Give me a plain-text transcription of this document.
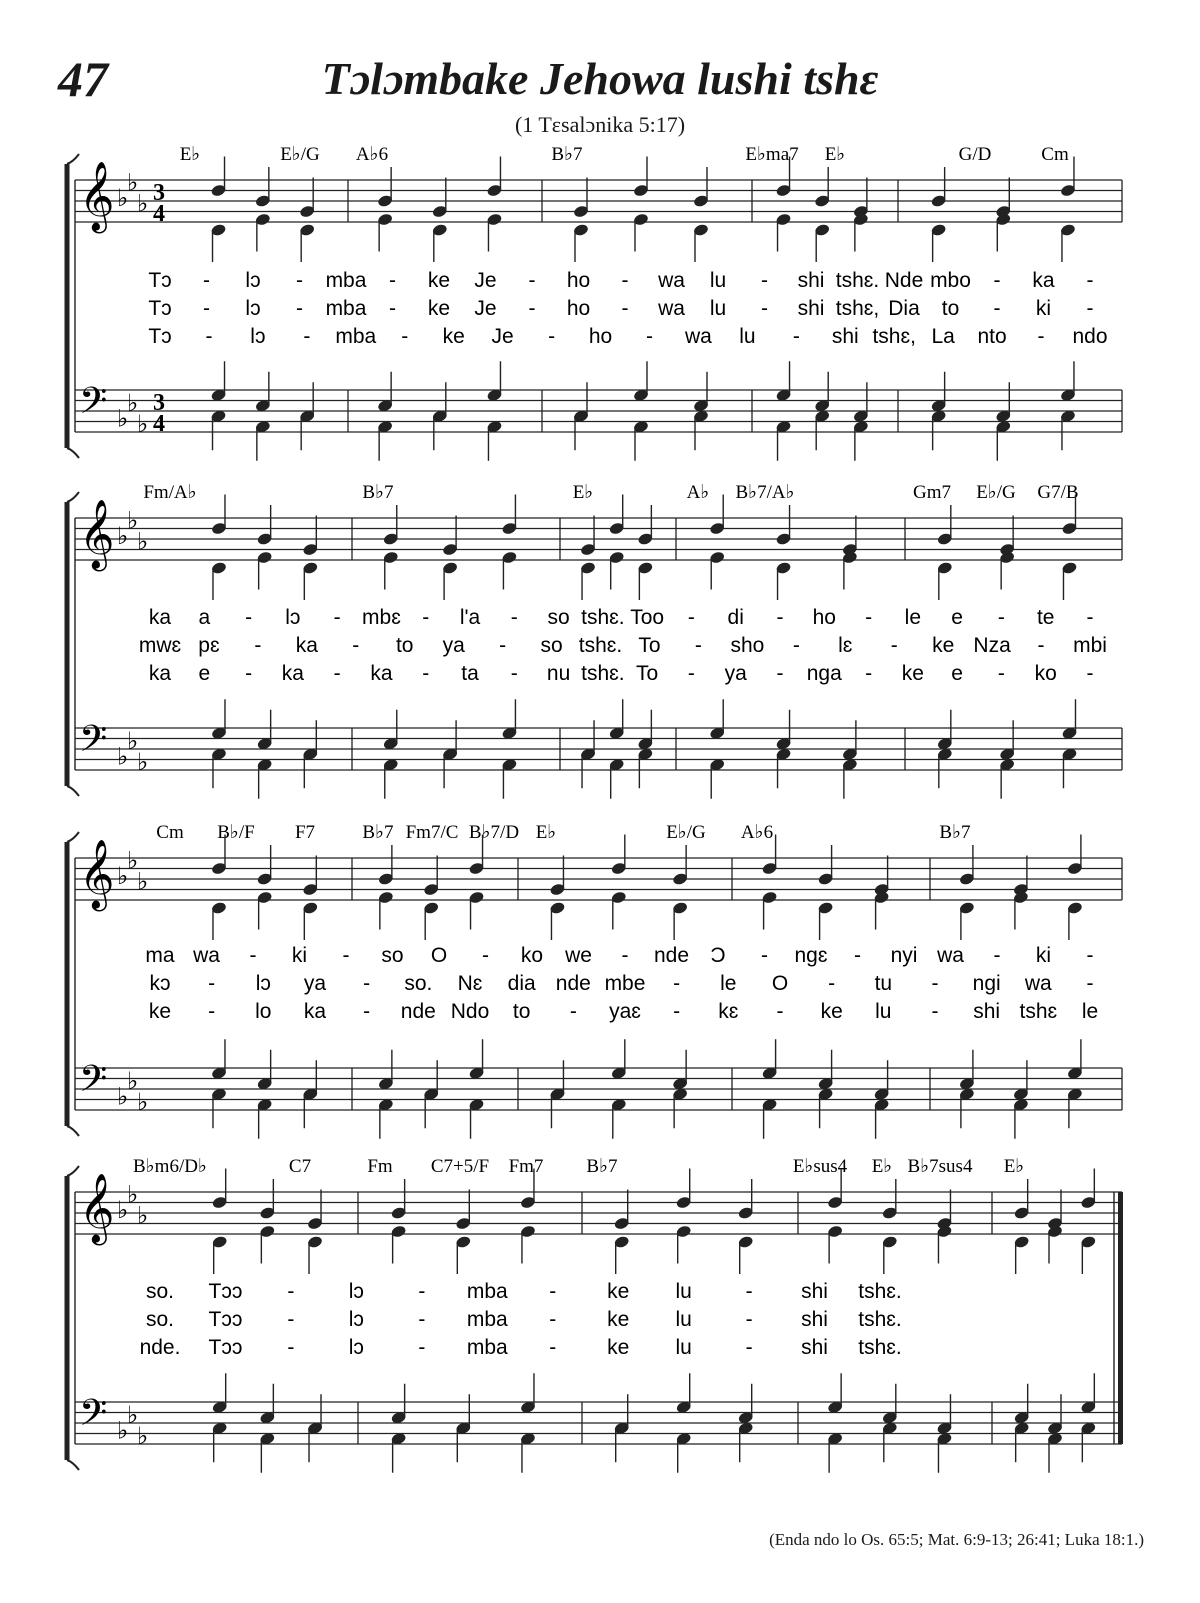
47	Tɔlɔmbake Jehowa lushi tshɛ
(1 Tɛsalɔnika 5:17)
𝄞
𝄢
♭
♭
♭
♭
♭
♭
3
4
3
4
E♭	E♭/G A♭6	B♭7	E♭ma7 E♭	G/D	Cm
Tɔ - lɔ - mba - ke Je - ho - wa lu - shi tshɛ. Nde mbo - ka -
Tɔ - lɔ - mba - ke Je - ho - wa lu - shi tshɛ, Dia to - ki -
Tɔ - lɔ - mba - ke Je - ho - wa lu - shi tshɛ, La nto - ndo
𝄞
𝄢
♭
♭
♭
♭
♭
♭
Fm/A♭	B♭7	E♭	A♭ B♭7/A♭	Gm7 E♭/G G7/B
ka a - lɔ - mbɛ - l'a - so tshɛ. Too - di - ho - le e - te -
mwɛ pɛ - ka - to ya - so tshɛ. To - sho - lɛ - ke Nza - mbi
ka e - ka - ka - ta - nu tshɛ. To - ya - nga - ke e - ko -
𝄞
𝄢
♭
♭
♭
♭
♭
♭
Cm B♭/F F7 B♭7 Fm7/C B♭7/D E♭	E♭/G A♭6	B♭7
ma wa - ki - so O - ko we - nde Ɔ - ngɛ - nyi wa - ki -
kɔ - lɔ ya - so. Nɛ dia nde mbe - le O - tu - ngi wa -
ke - lo ka - nde Ndo to - yaɛ - kɛ - ke lu - shi tshɛ le
𝄞
𝄢
♭
♭
♭
♭
♭
♭
B♭m6/D♭	C7	Fm C7+5/F Fm7 B♭7	E♭sus4 E♭ B♭7sus4 E♭
so. Tɔɔ -	lɔ	- mba - ke lu	- shi tshɛ.
so. Tɔɔ -	lɔ	- mba - ke lu	- shi tshɛ.
nde. Tɔɔ -	lɔ	- mba - ke lu	- shi tshɛ.
(Enda ndo lo Os. 65:5; Mat. 6:9-13; 26:41; Luka 18:1.)
